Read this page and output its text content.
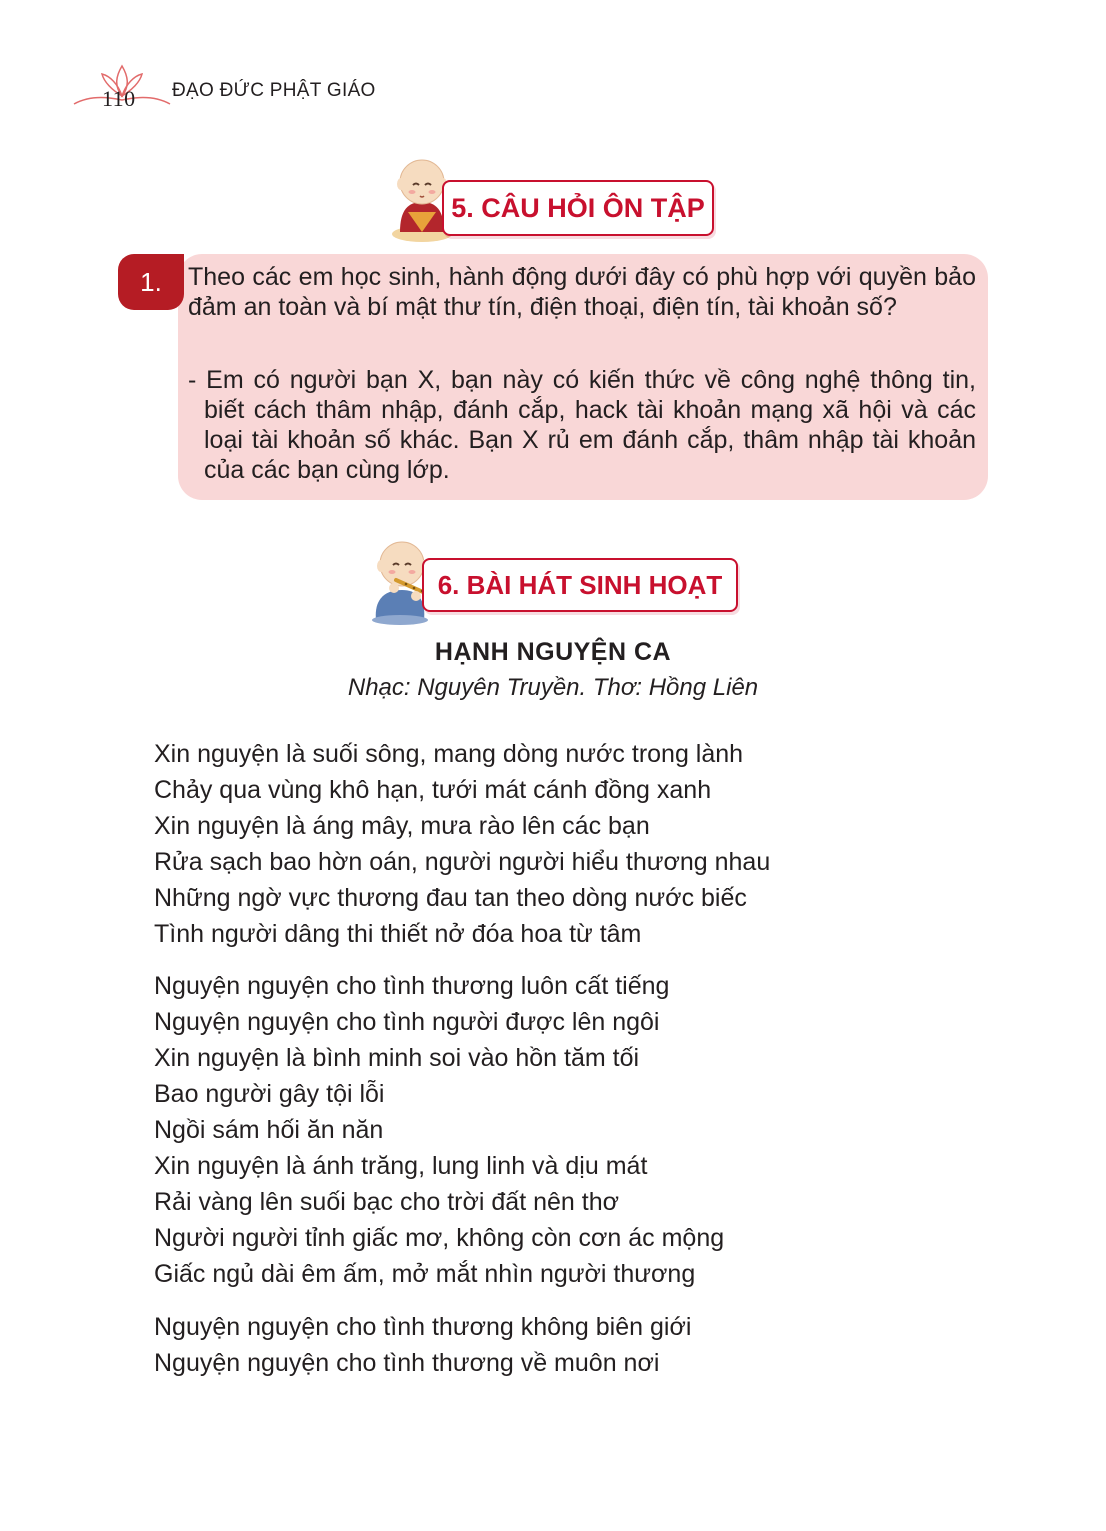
110 ĐẠO ĐỨC PHẬT GIÁO
5. CÂU HỎI ÔN TẬP
1.	Theo các em học sinh, hành động dưới đây có phù hợp với quyền bảo đảm an toàn và bí mật thư tín, điện thoại, điện tín, tài khoản số?
- Em có người bạn X, bạn này có kiến thức về công nghệ thông tin, biết cách thâm nhập, đánh cắp, hack tài khoản mạng xã hội và các loại tài khoản số khác. Bạn X rủ em đánh cắp, thâm nhập tài khoản của các bạn cùng lớp.
6. BÀI HÁT SINH HOẠT
HẠNH NGUYỆN CA
Nhạc: Nguyên Truyền. Thơ: Hồng Liên
Xin nguyện là suối sông, mang dòng nước trong lành
Chảy qua vùng khô hạn, tưới mát cánh đồng xanh
Xin nguyện là áng mây, mưa rào lên các bạn
Rửa sạch bao hờn oán, người người hiểu thương nhau
Những ngờ vực thương đau tan theo dòng nước biếc
Tình người dâng thi thiết nở đóa hoa từ tâm
Nguyện nguyện cho tình thương luôn cất tiếng
Nguyện nguyện cho tình người được lên ngôi
Xin nguyện là bình minh soi vào hồn tăm tối
Bao người gây tội lỗi
Ngồi sám hối ăn năn
Xin nguyện là ánh trăng, lung linh và dịu mát
Rải vàng lên suối bạc cho trời đất nên thơ
Người người tỉnh giấc mơ, không còn cơn ác mộng
Giấc ngủ dài êm ấm, mở mắt nhìn người thương
Nguyện nguyện cho tình thương không biên giới
Nguyện nguyện cho tình thương về muôn nơi
